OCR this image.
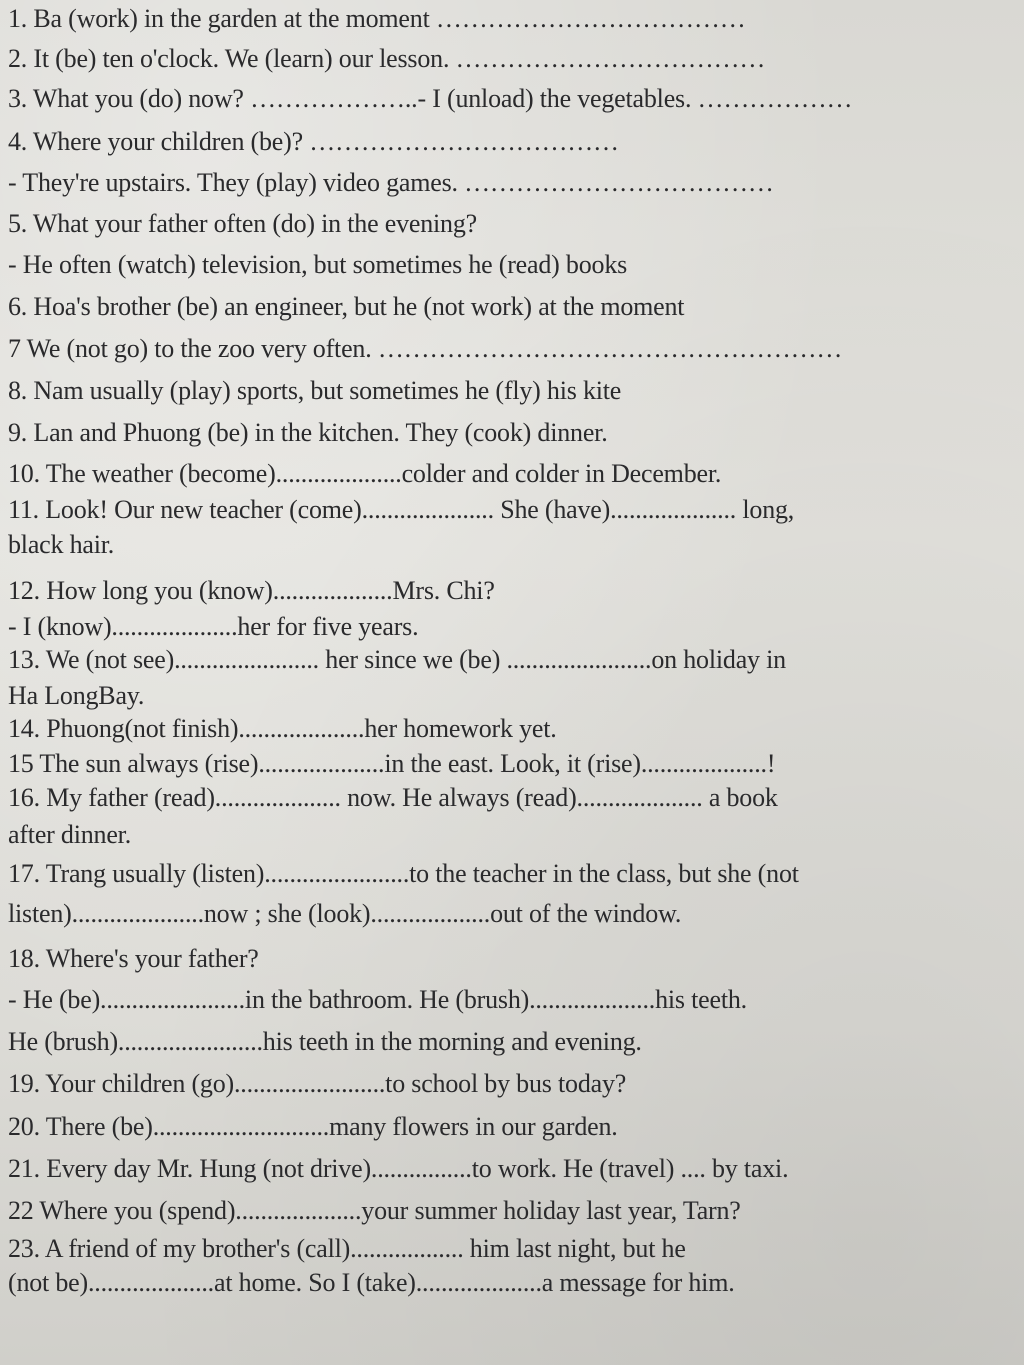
1. Ba (work) in the garden at the moment ………………………………
2. It (be) ten o'clock. We (learn) our lesson. ………………………………
3. What you (do) now? ………………..- I (unload) the vegetables. ………………
4. Where your children (be)? ………………………………
- They're upstairs. They (play) video games. ………………………………
5. What your father often (do) in the evening?
- He often (watch) television, but sometimes he (read) books
6. Hoa's brother (be) an engineer, but he (not work) at the moment
7 We (not go) to the zoo very often. ………………………………………………
8. Nam usually (play) sports, but sometimes he (fly) his kite
9. Lan and Phuong (be) in the kitchen. They (cook) dinner.
10. The weather (become)....................colder and colder in December.
11. Look! Our new teacher (come)..................... She (have).................... long,
black hair.
12. How long you (know)...................Mrs. Chi?
- I (know)....................her for five years.
13. We (not see)....................... her since we (be) .......................on holiday in
Ha LongBay.
14. Phuong(not finish)....................her homework yet.
15 The sun always (rise)....................in the east. Look, it (rise)....................!
16. My father (read).................... now. He always (read).................... a book
after dinner.
17. Trang usually (listen).......................to the teacher in the class, but she (not
listen).....................now ; she (look)...................out of the window.
18. Where's your father?
- He (be).......................in the bathroom. He (brush)....................his teeth.
He (brush).......................his teeth in the morning and evening.
19. Your children (go)........................to school by bus today?
20. There (be)............................many flowers in our garden.
21. Every day Mr. Hung (not drive)................to work. He (travel) .... by taxi.
22 Where you (spend)....................your summer holiday last year, Tarn?
23. A friend of my brother's (call).................. him last night, but he
(not be)....................at home. So I (take)....................a message for him.
